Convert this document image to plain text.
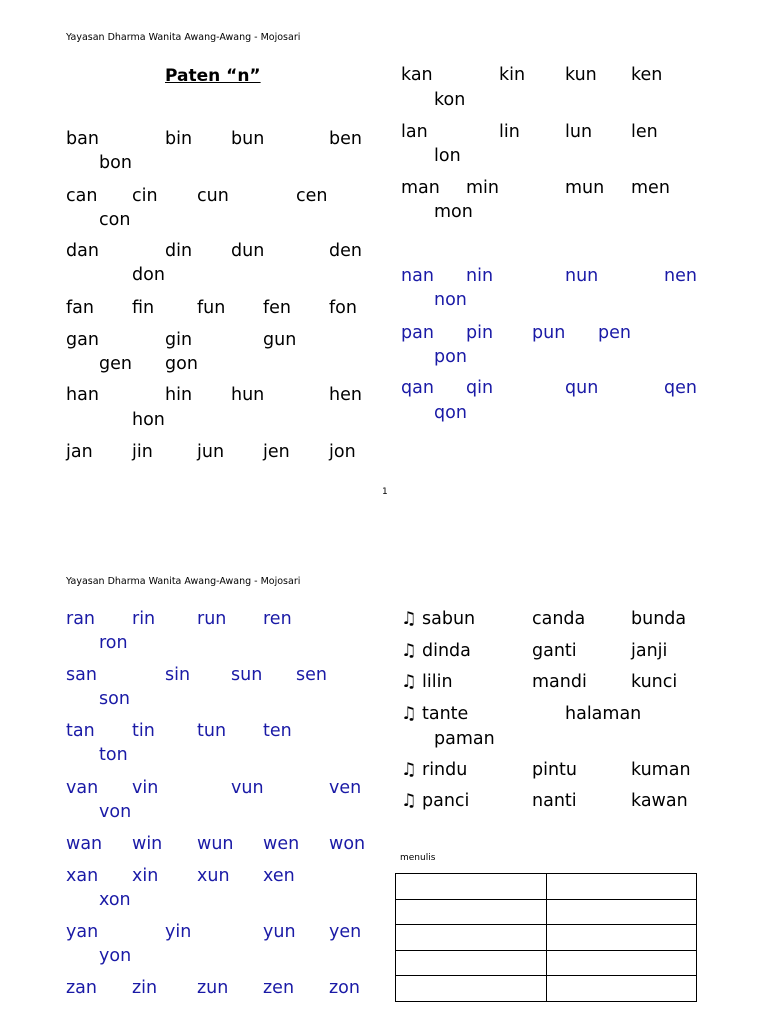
Yayasan Dharma Wanita Awang-Awang - Mojosari
Paten “n”
ban	bin bun	ben
bon
can cin cun	cen
con
dan	din dun	den
don
fan fin fun fen fon
gan	gin	gun
gen gon
han	hin hun	hen
hon
jan jin	jun jen jon
kan	kin kun ken
kon
lan	lin	lun len
lon
man min	mun men
mon
nan nin	nun	nen
non
pan pin pun pen
pon
qan qin	qun	qen
qon
1
Yayasan Dharma Wanita Awang-Awang - Mojosari
ran rin run ren
ron
san	sin sun sen
son
tan tin tun ten
ton
van vin	vun	ven
von
wan win wun wen won
xan xin xun xen
xon
yan	yin	yun yen
yon
zan zin zun zen zon
♫ sabun	canda	bunda
♫ dinda	ganti	janji
♫ lilin	mandi	kunci
♫ tante	halaman
paman
♫ rindu	pintu	kuman
♫ panci	nanti	kawan
menulis
